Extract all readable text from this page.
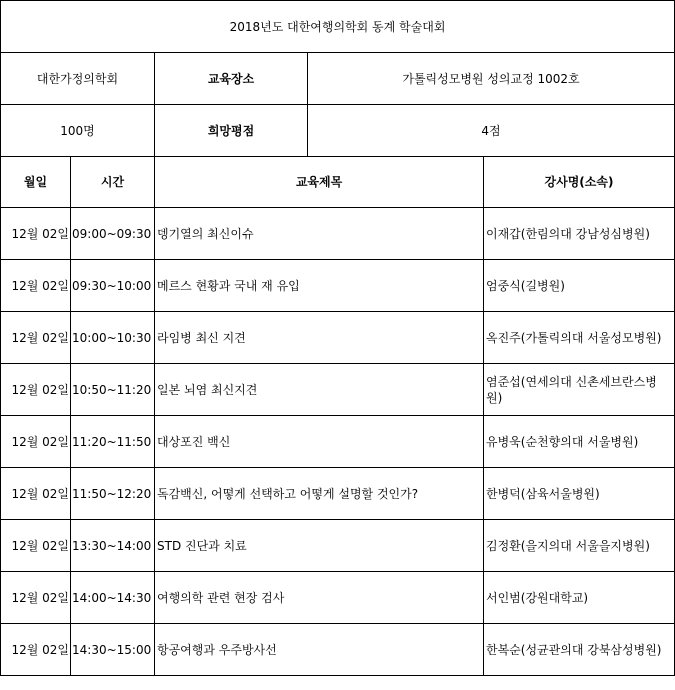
2018년도 대한여행의학회 동계 학술대회				
대한가정의학회		교육장소	가톨릭성모병원 성의교정 1002호	
100명		희망평점	4점	
월일	시간	교육제목		강사명(소속)
12월 02일	09:00~09:30	뎅기열의 최신이슈		이재갑(한림의대 강남성심병원)
12월 02일	09:30~10:00	메르스 현황과 국내 재 유입		엄중식(길병원)
12월 02일	10:00~10:30	라임병 최신 지견		옥진주(가톨릭의대 서울성모병원)
12월 02일	10:50~11:20	일본 뇌염 최신지견		염준섭(연세의대 신촌세브란스병원)
12월 02일	11:20~11:50	대상포진 백신		유병욱(순천향의대 서울병원)
12월 02일	11:50~12:20	독감백신, 어떻게 선택하고 어떻게 설명할 것인가?		한병덕(삼육서울병원)
12월 02일	13:30~14:00	STD 진단과 치료		김정환(을지의대 서울을지병원)
12월 02일	14:00~14:30	여행의학 관련 현장 검사		서인범(강원대학교)
12월 02일	14:30~15:00	항공여행과 우주방사선		한복순(성균관의대 강북삼성병원)
